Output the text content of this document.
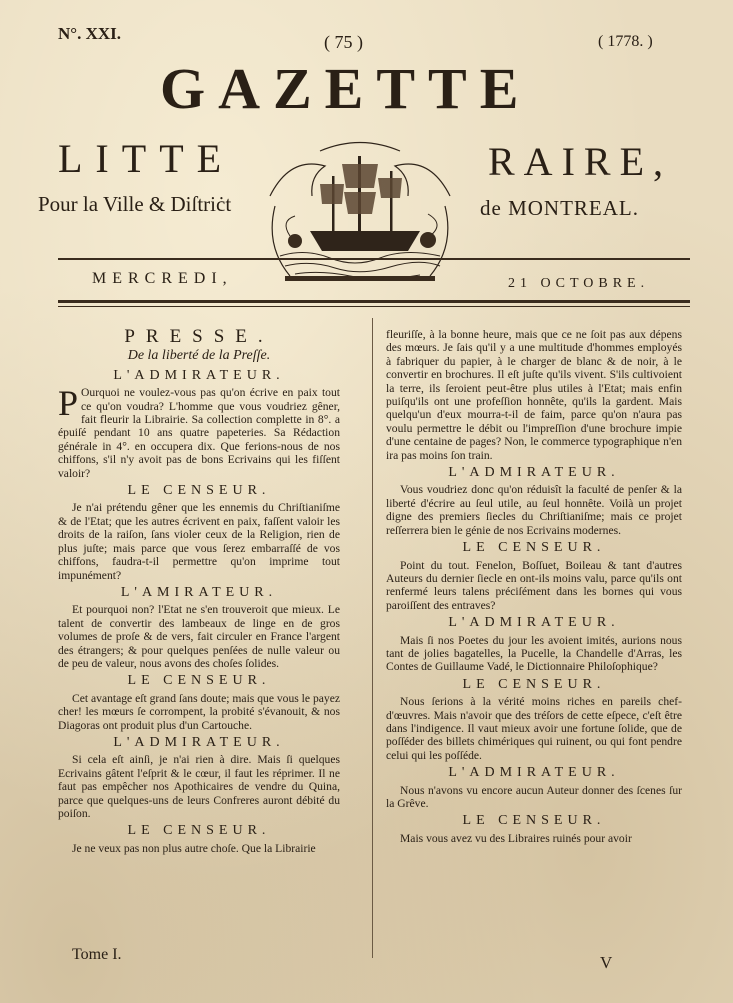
N°. XXI.	( 75 )	( 1778. )
GAZETTE
LITTE	RAIRE,
Pour la Ville & Diſtriċt	de MONTREAL.
MERCREDI,	21 OCTOBRE.
PRESSE.
De la liberté de la Preſſe.
L'ADMIRATEUR.

P Ourquoi ne voulez-vous pas qu'on écrive en paix tout ce qu'on voudra? L'homme que vous voudriez gêner, fait fleurir la Librairie. Sa collection complette in 8°. a épuiſé pendant 10 ans quatre papeteries. Sa Rédaction générale in 4°. en occupera dix. Que ferions-nous de nos chiffons, s'il n'y avoit pas de bons Ecrivains qui les fiſſent valoir?

LE CENSEUR.

Je n'ai prétendu gêner que les ennemis du Chriſtianiſme & de l'Etat; que les autres écrivent en paix, faſſent valoir les droits de la raiſon, ſans violer ceux de la Religion, rien de plus juſte; mais parce que vous ſerez embarraſſé de vos chiffons, faudra-t-il permettre qu'on imprime tout impunément?

L'AMIRATEUR.

Et pourquoi non? l'Etat ne s'en trouveroit que mieux. Le talent de convertir des lambeaux de linge en de gros volumes de proſe & de vers, fait circuler en France l'argent des étrangers; & pour quelques penſées de nulle valeur ou de peu de valeur, nous avons des choſes ſolides.

LE CENSEUR.

Cet avantage eſt grand ſans doute; mais que vous le payez cher! les mœurs ſe corrompent, la probité s'évanouit, & nos Diagoras ont produit plus d'un Cartouche.

L'ADMIRATEUR.

Si cela eſt ainſi, je n'ai rien à dire. Mais ſi quelques Ecrivains gâtent l'eſprit & le cœur, il faut les réprimer. Il ne faut pas empêcher nos Apothicaires de vendre du Quina, parce que quelques-uns de leurs Confreres auront débité du poiſon.

LE CENSEUR.

Je ne veux pas non plus autre choſe. Que la Librairie

Tome I.

fleuriſſe, à la bonne heure, mais que ce ne ſoit pas aux dépens des mœurs. Je ſais qu'il y a une multitude d'hommes employés à fabriquer du papier, à le charger de blanc & de noir, à le convertir en brochures. Il eſt juſte qu'ils vivent. S'ils cultivoient la terre, ils ſeroient peut-être plus utiles à l'Etat; mais enfin puiſqu'ils ont une profeſſion honnête, qu'ils la gardent. Mais quelqu'un d'eux mourra-t-il de faim, parce qu'on n'aura pas voulu permettre le débit ou l'impreſſion d'une brochure impie d'une centaine de pages? Non, le commerce typographique n'en ira pas moins ſon train.

L'ADMIRATEUR.

Vous voudriez donc qu'on réduisît la faculté de penſer & la liberté d'écrire au ſeul utile, au ſeul honnête. Voilà un projet digne des premiers ſiecles du Chriſtianiſme; mais ce projet reſſerrera bien le génie de nos Ecrivains modernes.

LE CENSEUR.

Point du tout. Fenelon, Boſſuet, Boileau & tant d'autres Auteurs du dernier ſiecle en ont-ils moins valu, parce qu'ils ont renfermé leurs talens préciſément dans les bornes qui vous paroiſſent des entraves?

L'ADMIRATEUR.

Mais ſi nos Poetes du jour les avoient imités, aurions nous tant de jolies bagatelles, la Pucelle, la Chandelle d'Arras, les Contes de Guillaume Vadé, le Dictionnaire Philoſophique?

LE CENSEUR.

Nous ſerions à la vérité moins riches en pareils chef-d'œuvres. Mais n'avoir que des tréſors de cette eſpece, c'eſt être dans l'indigence. Il vaut mieux avoir une fortune ſolide, que de poſſéder des billets chimériques qui ruinent, ou qui font pendre celui qui les poſſéde.

L'ADMIRATEUR.

Nous n'avons vu encore aucun Auteur donner des ſcenes ſur la Grêve.

LE CENSEUR.

Mais vous avez vu des Libraires ruinés pour avoir

V
